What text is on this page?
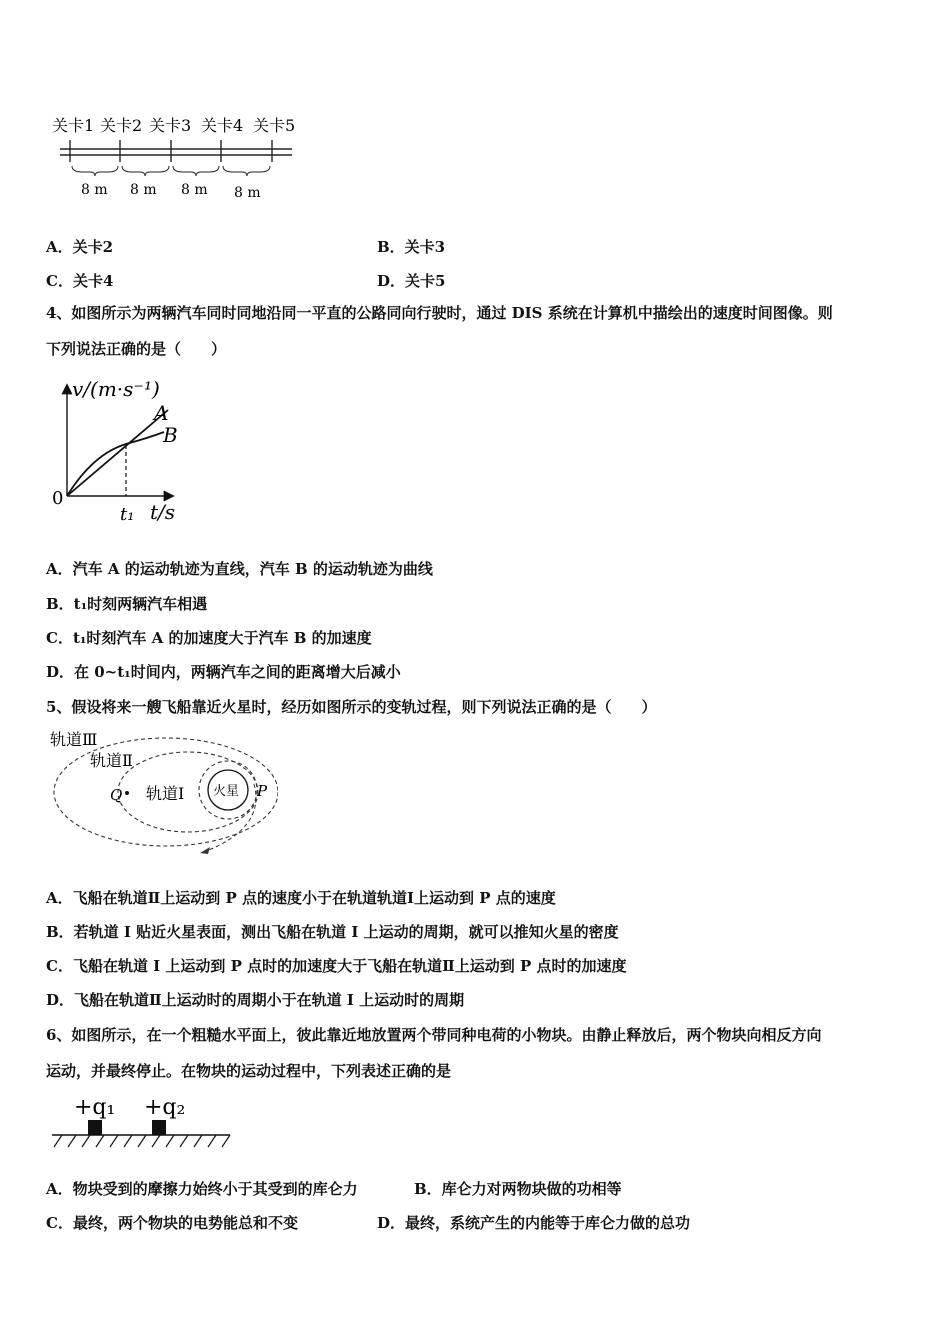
关卡1 关卡2 关卡3 关卡4 关卡5
8 m 8 m 8 m 8 m
A．关卡2	B．关卡3
C．关卡4	D．关卡5
4、如图所示为两辆汽车同时同地沿同一平直的公路同向行驶时，通过 DIS 系统在计算机中描绘出的速度时间图像。则
下列说法正确的是（　　）
v/(m·s⁻¹)
0
t/s
t₁
A
B
A．汽车 A 的运动轨迹为直线，汽车 B 的运动轨迹为曲线
B．t₁时刻两辆汽车相遇
C．t₁时刻汽车 A 的加速度大于汽车 B 的加速度
D．在 0~t₁时间内，两辆汽车之间的距离增大后减小
5、假设将来一艘飞船靠近火星时，经历如图所示的变轨过程，则下列说法正确的是（　　）
轨道Ⅲ
轨道Ⅱ
轨道Ⅰ 火星
Q	P
A．飞船在轨道Ⅱ上运动到 P 点的速度小于在轨道轨道Ⅰ上运动到 P 点的速度
B．若轨道 I 贴近火星表面，测出飞船在轨道 I 上运动的周期，就可以推知火星的密度
C．飞船在轨道 I 上运动到 P 点时的加速度大于飞船在轨道Ⅱ上运动到 P 点时的加速度
D．飞船在轨道Ⅱ上运动时的周期小于在轨道 I 上运动时的周期
6、如图所示，在一个粗糙水平面上，彼此靠近地放置两个带同种电荷的小物块。由静止释放后，两个物块向相反方向
运动，并最终停止。在物块的运动过程中，下列表述正确的是
+q₁ +q₂
A．物块受到的摩擦力始终小于其受到的库仑力	B．库仑力对两物块做的功相等
C．最终，两个物块的电势能总和不变	D．最终，系统产生的内能等于库仑力做的总功
